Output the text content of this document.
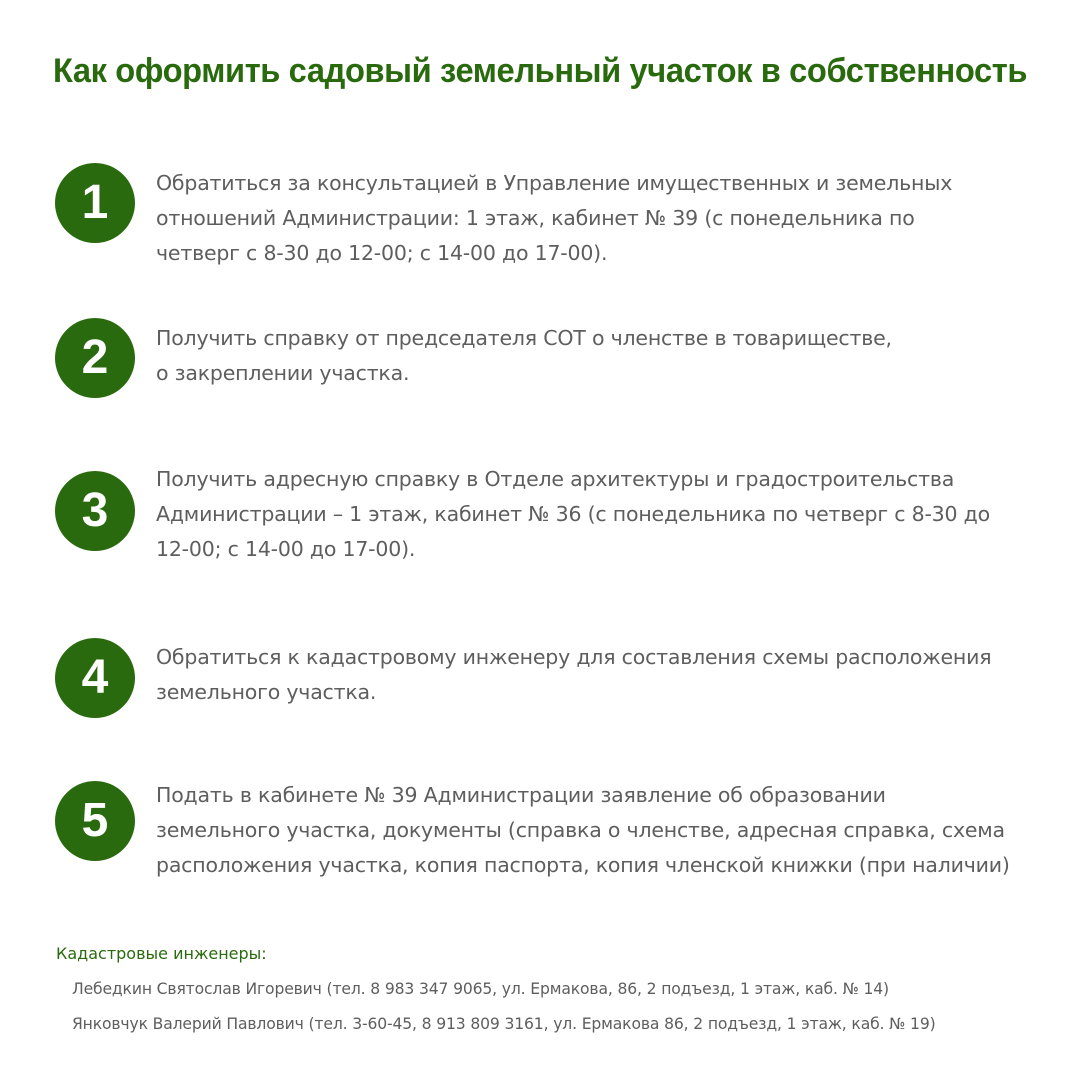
Как оформить садовый земельный участок в собственность
1	Обратиться за консультацией в Управление имущественных и земельных
отношений Администрации: 1 этаж, кабинет № 39 (с понедельника по
четверг с 8-30 до 12-00; с 14-00 до 17-00).
2	Получить справку от председателя СОТ о членстве в товариществе,
о закреплении участка.
3
Получить адресную справку в Отделе архитектуры и градостроительства
Администрации – 1 этаж, кабинет № 36 (с понедельника по четверг с 8-30 до
12-00; с 14-00 до 17-00).
4	Обратиться к кадастровому инженеру для составления схемы расположения
земельного участка.
5	Подать в кабинете № 39 Администрации заявление об образовании
земельного участка, документы (справка о членстве, адресная справка, схема
расположения участка, копия паспорта, копия членской книжки (при наличии)
Кадастровые инженеры:
Лебедкин Святослав Игоревич (тел. 8 983 347 9065, ул. Ермакова, 86, 2 подъезд, 1 этаж, каб. № 14)
Янковчук Валерий Павлович (тел. 3-60-45, 8 913 809 3161, ул. Ермакова 86, 2 подъезд, 1 этаж, каб. № 19)
